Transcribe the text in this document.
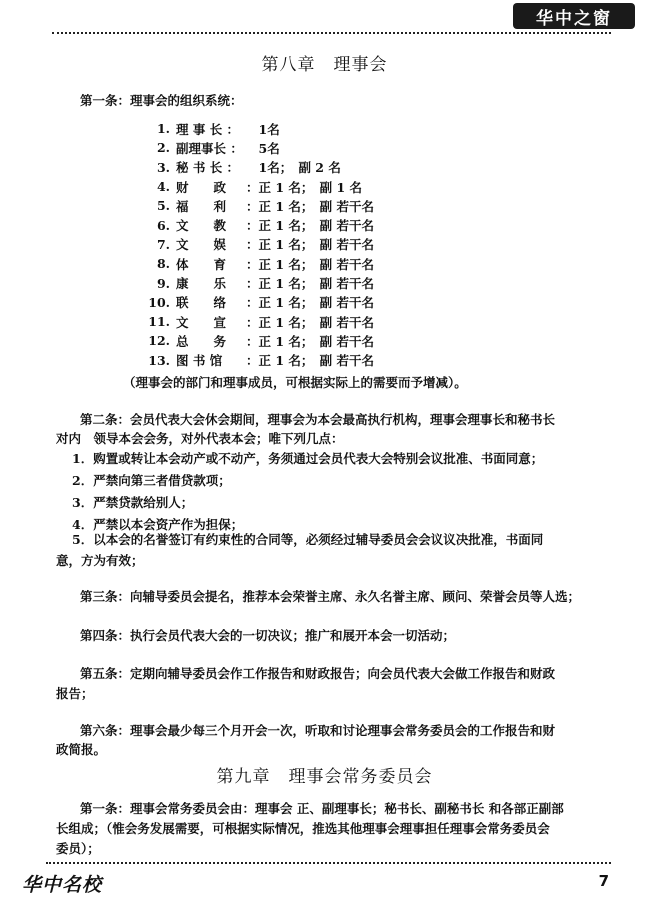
华中之窗
第八章　理事会
第一条：理事会的组织系统：
1. 理 事 长 ： 　1名
2. 副理事长 ： 　5名
3. 秘 书 长 ： 　1名；　副 2 名
4. 财　　政	：正 1 名；　副 1 名
5. 福　　利	：正 1 名；　副 若干名
6. 文　　教	：正 1 名；　副 若干名
7. 文　　娱	：正 1 名；　副 若干名
8. 体　　育	：正 1 名；　副 若干名
9. 康　　乐	：正 1 名；　副 若干名
10. 联　　络	：正 1 名；　副 若干名
11. 文　　宣	：正 1 名；　副 若干名
12. 总　　务	：正 1 名；　副 若干名
13. 图 书 馆	：正 1 名；　副 若干名
（理事会的部门和理事成员，可根据实际上的需要而予增减）。
第二条：会员代表大会休会期间，理事会为本会最高执行机构，理事会理事长和秘书长
对内　领导本会会务，对外代表本会；唯下列几点：
1．购置或转让本会动产或不动产，务须通过会员代表大会特别会议批准、书面同意；
2．严禁向第三者借贷款项；
3．严禁贷款给别人；
4．严禁以本会资产作为担保；
5．以本会的名誉签订有约束性的合同等，必须经过辅导委员会会议议决批准，书面同
意，方为有效；
第三条：向辅导委员会提名，推荐本会荣誉主席、永久名誉主席、顾问、荣誉会员等人选；
第四条：执行会员代表大会的一切决议；推广和展开本会一切活动；
第五条：定期向辅导委员会作工作报告和财政报告；向会员代表大会做工作报告和财政
报告；
第六条：理事会最少每三个月开会一次，听取和讨论理事会常务委员会的工作报告和财
政简报。
第九章　理事会常务委员会
第一条：理事会常务委员会由：理事会 正、副理事长；秘书长、副秘书长 和各部正副部
长组成；（惟会务发展需要，可根据实际情况，推选其他理事会理事担任理事会常务委员会
委员）；
华中名校	7
